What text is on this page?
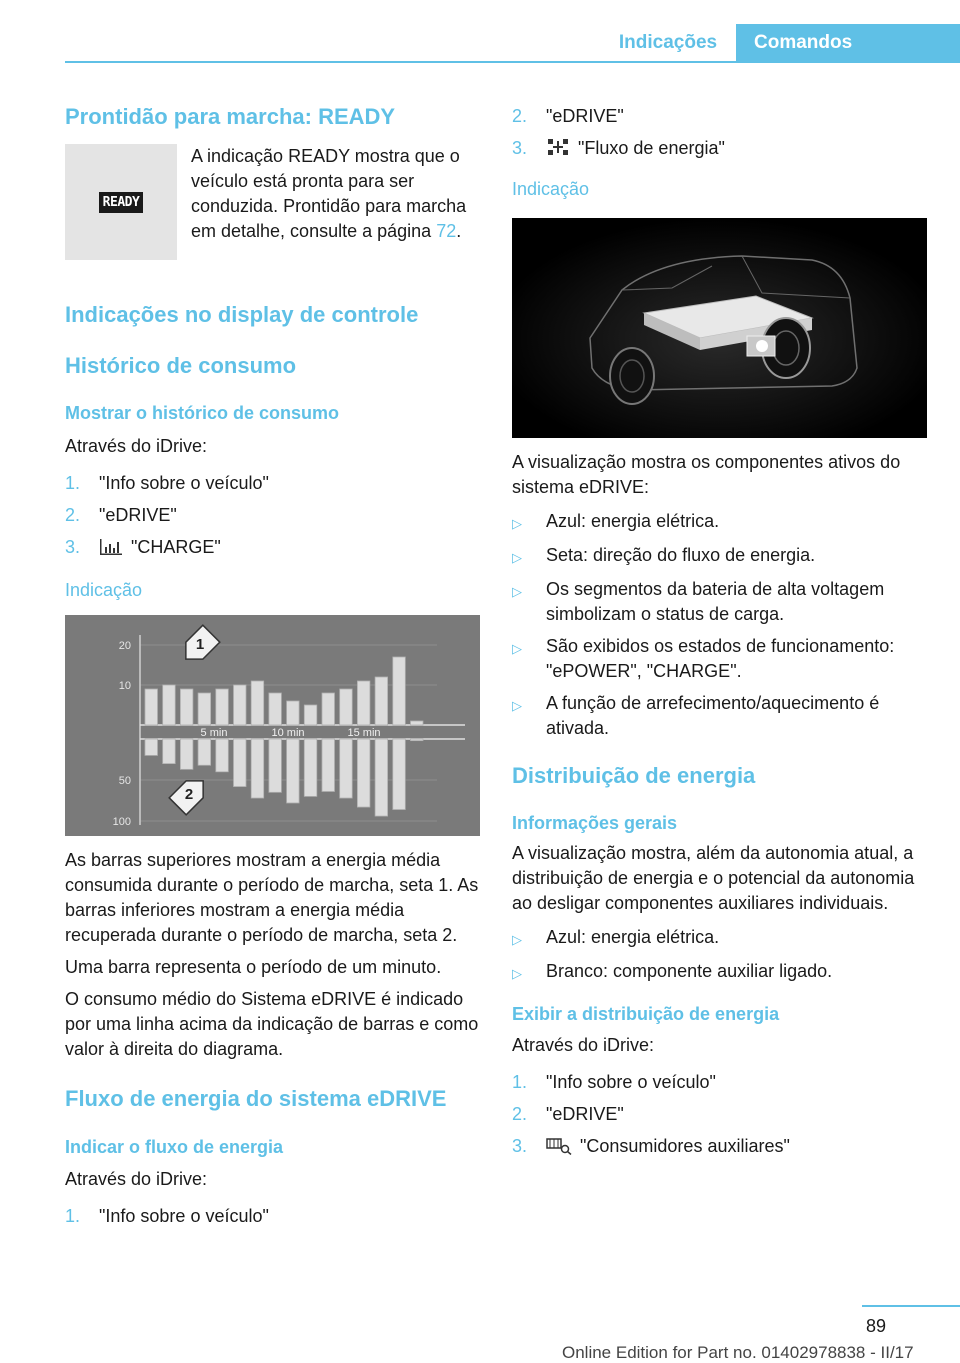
Indicações	Comandos
Prontidão para marcha: READY
READY

A indicação READY mostra que o veículo está pronta para ser conduzida. Prontidão para marcha em detalhe, consulte a página 72.

Indicações no display de controle
Histórico de consumo
Mostrar o histórico de consumo

Através do iDrive:

1.	"Info sobre o veículo"
2.	"eDRIVE"
3.	"CHARGE"
Indicação
20
10
50
100
5 min	10 min	15 min
1
2

As barras superiores mostram a energia média consumida durante o período de marcha, seta 1. As barras inferiores mostram a energia média recuperada durante o período de marcha, seta 2.

Uma barra representa o período de um minuto.

O consumo médio do Sistema eDRIVE é indicado por uma linha acima da indicação de barras e como valor à direita do diagrama.

Fluxo de energia do sistema eDRIVE
Indicar o fluxo de energia

Através do iDrive:

1.	"Info sobre o veículo"
2.	"eDRIVE"
3.	"Fluxo de energia"
Indicação

A visualização mostra os componentes ativos do sistema eDRIVE:

▷	Azul: energia elétrica.
▷	Seta: direção do fluxo de energia.
▷	Os segmentos da bateria de alta voltagem simbolizam o status de carga.
▷	São exibidos os estados de funcionamento: "ePOWER", "CHARGE".
▷	A função de arrefecimento/aquecimento é ativada.
Distribuição de energia
Informações gerais

A visualização mostra, além da autonomia atual, a distribuição de energia e o potencial da autonomia ao desligar componentes auxiliares individuais.

▷	Azul: energia elétrica.
▷	Branco: componente auxiliar ligado.
Exibir a distribuição de energia

Através do iDrive:

1.	"Info sobre o veículo"
2.	"eDRIVE"
3.	"Consumidores auxiliares"
89
Online Edition for Part no. 01402978838 - II/17
